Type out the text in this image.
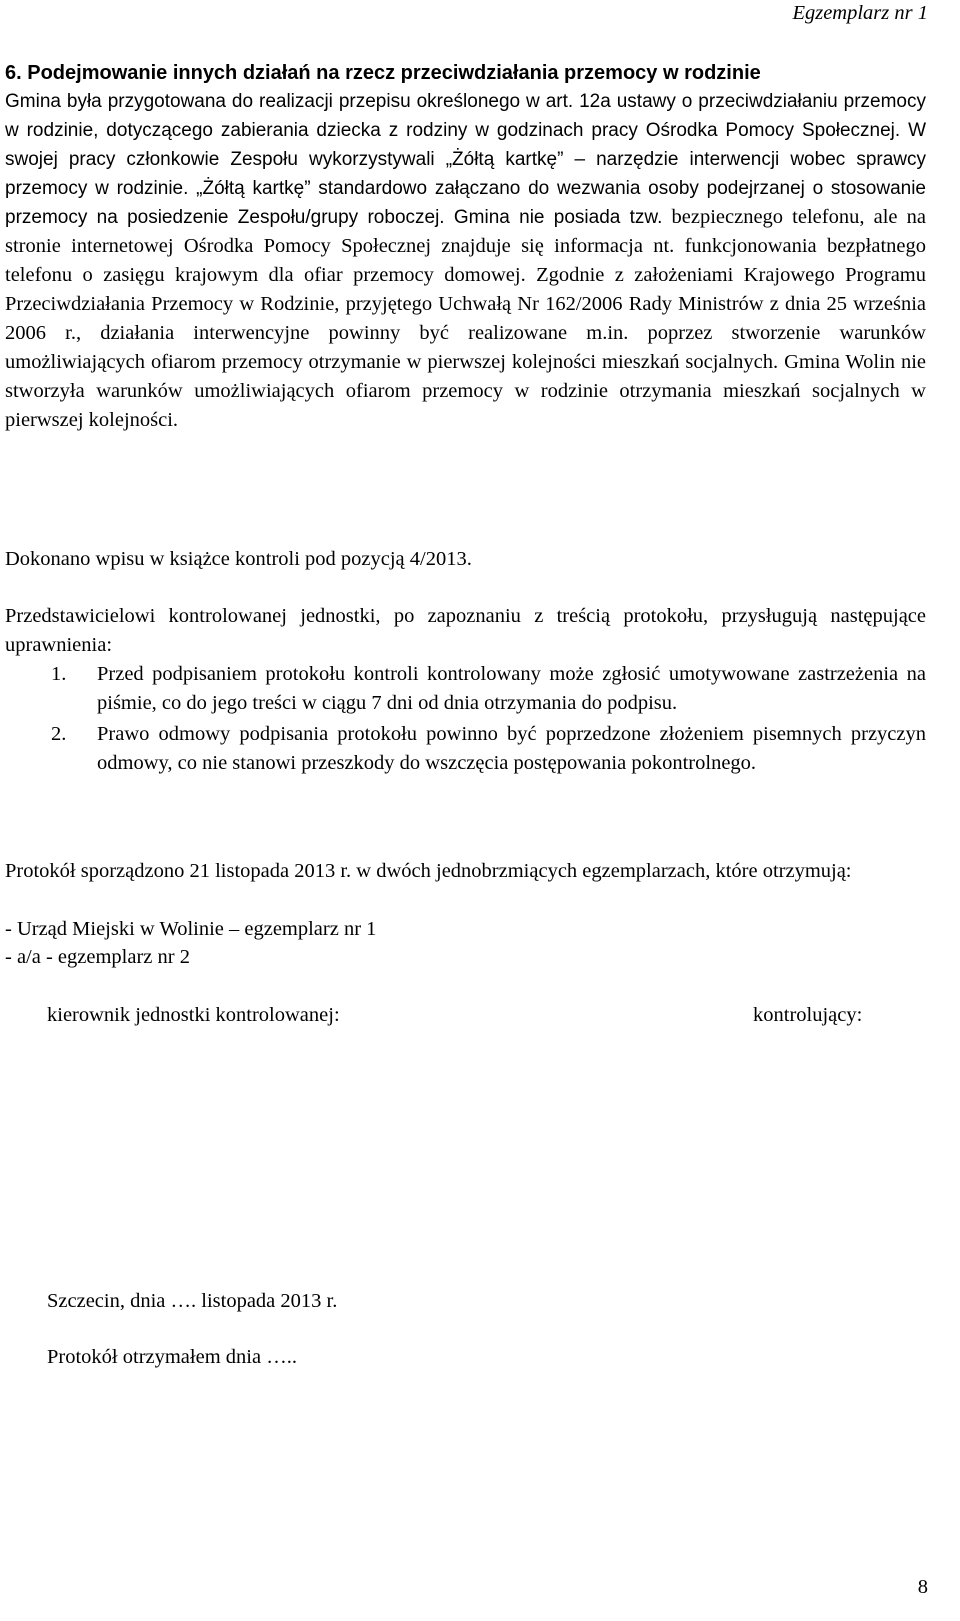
Egzemplarz nr 1

6. Podejmowanie innych działań na rzecz przeciwdziałania przemocy w rodzinie

Gmina była przygotowana do realizacji przepisu określonego w art. 12a ustawy o przeciwdziałaniu przemocy w rodzinie, dotyczącego zabierania dziecka z rodziny w godzinach pracy Ośrodka Pomocy Społecznej. W swojej pracy członkowie Zespołu wykorzystywali „Żółtą kartkę” – narzędzie interwencji wobec sprawcy przemocy w rodzinie. „Żółtą kartkę” standardowo załączano do wezwania osoby podejrzanej o stosowanie przemocy na posiedzenie Zespołu/grupy roboczej. Gmina nie posiada tzw. bezpiecznego telefonu, ale na stronie internetowej Ośrodka Pomocy Społecznej znajduje się informacja nt. funkcjonowania bezpłatnego telefonu o zasięgu krajowym dla ofiar przemocy domowej. Zgodnie z założeniami Krajowego Programu Przeciwdziałania Przemocy w Rodzinie, przyjętego Uchwałą Nr 162/2006 Rady Ministrów z dnia 25 września 2006 r., działania interwencyjne powinny być realizowane m.in. poprzez stworzenie warunków umożliwiających ofiarom przemocy otrzymanie w pierwszej kolejności mieszkań socjalnych. Gmina Wolin nie stworzyła warunków umożliwiających ofiarom przemocy w rodzinie otrzymania mieszkań socjalnych w pierwszej kolejności.

Dokonano wpisu w książce kontroli pod pozycją 4/2013.
Przedstawicielowi kontrolowanej jednostki, po zapoznaniu z treścią protokołu, przysługują następujące uprawnienia:
1. Przed podpisaniem protokołu kontroli kontrolowany może zgłosić umotywowane zastrzeżenia na piśmie, co do jego treści w ciągu 7 dni od dnia otrzymania do podpisu.
2. Prawo odmowy podpisania protokołu powinno być poprzedzone złożeniem pisemnych przyczyn odmowy, co nie stanowi przeszkody do wszczęcia postępowania pokontrolnego.
Protokół sporządzono 21 listopada 2013 r. w dwóch jednobrzmiących egzemplarzach, które otrzymują:
- Urząd Miejski w Wolinie – egzemplarz nr 1
- a/a - egzemplarz nr 2
kierownik jednostki kontrolowanej:	kontrolujący:
Szczecin, dnia …. listopada 2013 r.
Protokół otrzymałem dnia …..
8
